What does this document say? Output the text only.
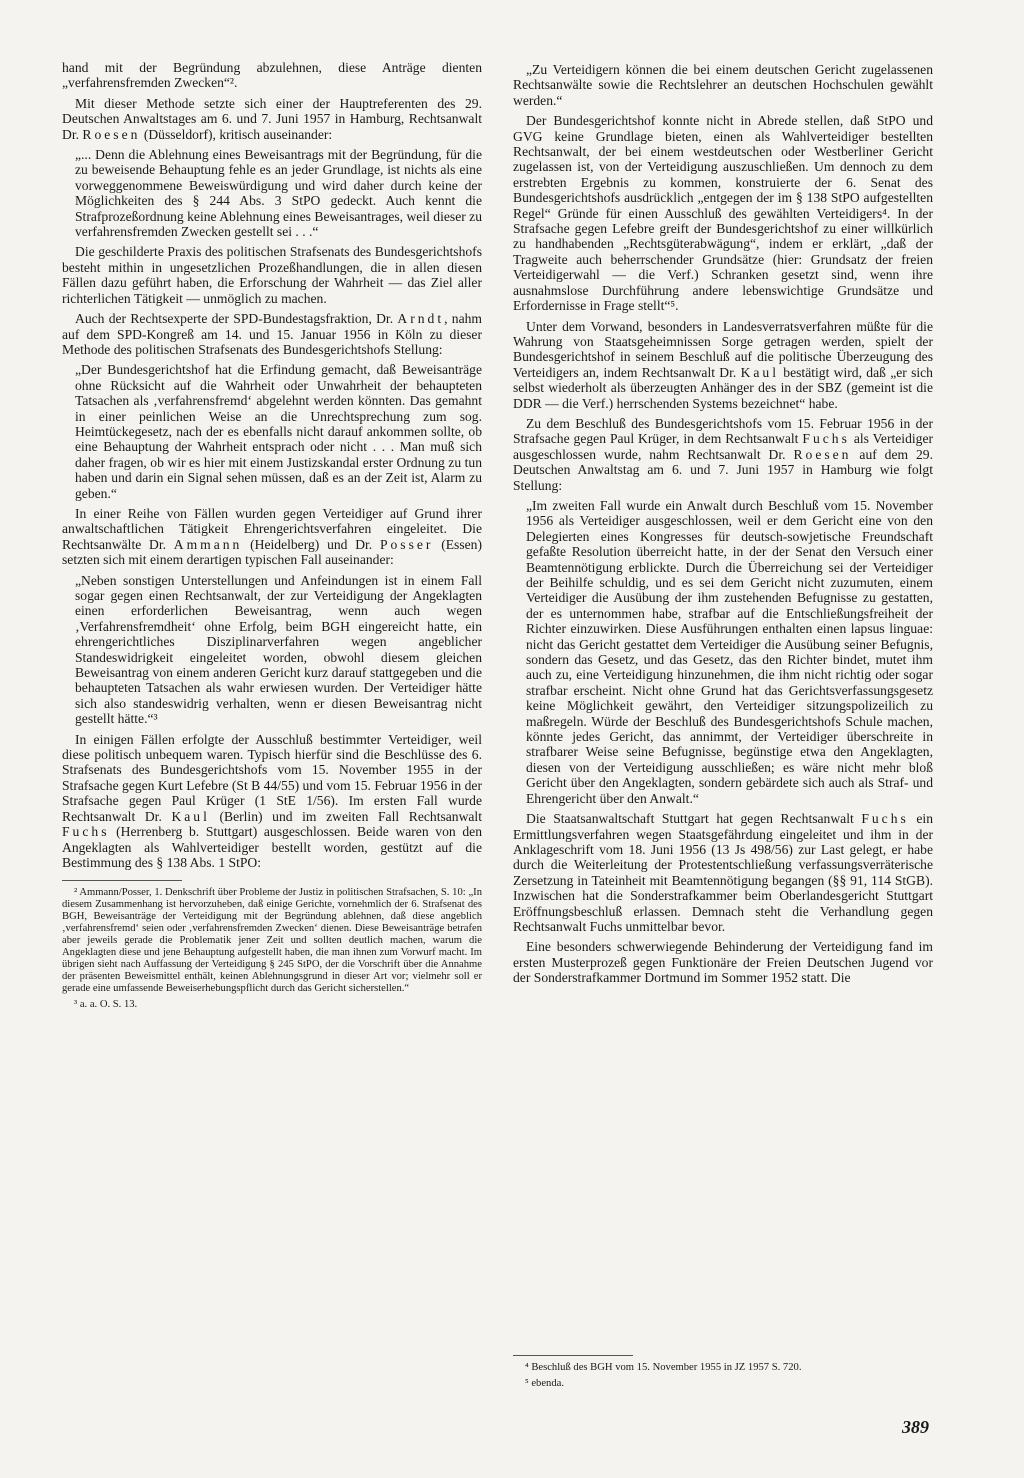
hand mit der Begründung abzulehnen, diese Anträge dienten „verfahrensfremden Zwecken“².

Mit dieser Methode setzte sich einer der Hauptreferenten des 29. Deutschen Anwaltstages am 6. und 7. Juni 1957 in Hamburg, Rechtsanwalt Dr. Roesen (Düsseldorf), kritisch auseinander:

„... Denn die Ablehnung eines Beweisantrags mit der Begründung, für die zu beweisende Behauptung fehle es an jeder Grundlage, ist nichts als eine vorweggenommene Beweiswürdigung und wird daher durch keine der Möglichkeiten des § 244 Abs. 3 StPO gedeckt. Auch kennt die Strafprozeßordnung keine Ablehnung eines Beweisantrages, weil dieser zu verfahrensfremden Zwecken gestellt sei . . .“

Die geschilderte Praxis des politischen Strafsenats des Bundesgerichtshofs besteht mithin in ungesetzlichen Prozeßhandlungen, die in allen diesen Fällen dazu geführt haben, die Erforschung der Wahrheit — das Ziel aller richterlichen Tätigkeit — unmöglich zu machen.

Auch der Rechtsexperte der SPD-Bundestagsfraktion, Dr. Arndt, nahm auf dem SPD-Kongreß am 14. und 15. Januar 1956 in Köln zu dieser Methode des politischen Strafsenats des Bundesgerichtshofs Stellung:

„Der Bundesgerichtshof hat die Erfindung gemacht, daß Beweisanträge ohne Rücksicht auf die Wahrheit oder Unwahrheit der behaupteten Tatsachen als ‚verfahrensfremd‘ abgelehnt werden könnten. Das gemahnt in einer peinlichen Weise an die Unrechtsprechung zum sog. Heimtückegesetz, nach der es ebenfalls nicht darauf ankommen sollte, ob eine Behauptung der Wahrheit entsprach oder nicht . . . Man muß sich daher fragen, ob wir es hier mit einem Justizskandal erster Ordnung zu tun haben und darin ein Signal sehen müssen, daß es an der Zeit ist, Alarm zu geben.“

In einer Reihe von Fällen wurden gegen Verteidiger auf Grund ihrer anwaltschaftlichen Tätigkeit Ehrengerichtsverfahren eingeleitet. Die Rechtsanwälte Dr. Ammann (Heidelberg) und Dr. Posser (Essen) setzten sich mit einem derartigen typischen Fall auseinander:

„Neben sonstigen Unterstellungen und Anfeindungen ist in einem Fall sogar gegen einen Rechtsanwalt, der zur Verteidigung der Angeklagten einen erforderlichen Beweisantrag, wenn auch wegen ‚Verfahrensfremdheit‘ ohne Erfolg, beim BGH eingereicht hatte, ein ehrengerichtliches Disziplinarverfahren wegen angeblicher Standeswidrigkeit eingeleitet worden, obwohl diesem gleichen Beweisantrag von einem anderen Gericht kurz darauf stattgegeben und die behaupteten Tatsachen als wahr erwiesen wurden. Der Verteidiger hätte sich also standeswidrig verhalten, wenn er diesen Beweisantrag nicht gestellt hätte.“³

In einigen Fällen erfolgte der Ausschluß bestimmter Verteidiger, weil diese politisch unbequem waren. Typisch hierfür sind die Beschlüsse des 6. Strafsenats des Bundesgerichtshofs vom 15. November 1955 in der Strafsache gegen Kurt Lefebre (St B 44/55) und vom 15. Februar 1956 in der Strafsache gegen Paul Krüger (1 StE 1/56). Im ersten Fall wurde Rechtsanwalt Dr. Kaul (Berlin) und im zweiten Fall Rechtsanwalt Fuchs (Herrenberg b. Stuttgart) ausgeschlossen. Beide waren von den Angeklagten als Wahlverteidiger bestellt worden, gestützt auf die Bestimmung des § 138 Abs. 1 StPO:

² Ammann/Posser, 1. Denkschrift über Probleme der Justiz in politischen Strafsachen, S. 10: „In diesem Zusammenhang ist hervorzuheben, daß einige Gerichte, vornehmlich der 6. Strafsenat des BGH, Beweisanträge der Verteidigung mit der Begründung ablehnen, daß diese angeblich ‚verfahrensfremd‘ seien oder ‚verfahrensfremden Zwecken‘ dienen. Diese Beweisanträge betrafen aber jeweils gerade die Problematik jener Zeit und sollten deutlich machen, warum die Angeklagten diese und jene Behauptung aufgestellt haben, die man ihnen zum Vorwurf macht. Im übrigen sieht nach Auffassung der Verteidigung § 245 StPO, der die Vorschrift über die Annahme der präsenten Beweismittel enthält, keinen Ablehnungsgrund in dieser Art vor; vielmehr soll er gerade eine umfassende Beweiserhebungspflicht durch das Gericht sicherstellen.“

³ a. a. O. S. 13.

„Zu Verteidigern können die bei einem deutschen Gericht zugelassenen Rechtsanwälte sowie die Rechtslehrer an deutschen Hochschulen gewählt werden.“

Der Bundesgerichtshof konnte nicht in Abrede stellen, daß StPO und GVG keine Grundlage bieten, einen als Wahlverteidiger bestellten Rechtsanwalt, der bei einem westdeutschen oder Westberliner Gericht zugelassen ist, von der Verteidigung auszuschließen. Um dennoch zu dem erstrebten Ergebnis zu kommen, konstruierte der 6. Senat des Bundesgerichtshofs ausdrücklich „entgegen der im § 138 StPO aufgestellten Regel“ Gründe für einen Ausschluß des gewählten Verteidigers⁴. In der Strafsache gegen Lefebre greift der Bundesgerichtshof zu einer willkürlich zu handhabenden „Rechtsgüterabwägung“, indem er erklärt, „daß der Tragweite auch beherrschender Grundsätze (hier: Grundsatz der freien Verteidigerwahl — die Verf.) Schranken gesetzt sind, wenn ihre ausnahmslose Durchführung andere lebenswichtige Grundsätze und Erfordernisse in Frage stellt“⁵.

Unter dem Vorwand, besonders in Landesverratsverfahren müßte für die Wahrung von Staatsgeheimnissen Sorge getragen werden, spielt der Bundesgerichtshof in seinem Beschluß auf die politische Überzeugung des Verteidigers an, indem Rechtsanwalt Dr. Kaul bestätigt wird, daß „er sich selbst wiederholt als überzeugten Anhänger des in der SBZ (gemeint ist die DDR — die Verf.) herrschenden Systems bezeichnet“ habe.

Zu dem Beschluß des Bundesgerichtshofs vom 15. Februar 1956 in der Strafsache gegen Paul Krüger, in dem Rechtsanwalt Fuchs als Verteidiger ausgeschlossen wurde, nahm Rechtsanwalt Dr. Roesen auf dem 29. Deutschen Anwaltstag am 6. und 7. Juni 1957 in Hamburg wie folgt Stellung:

„Im zweiten Fall wurde ein Anwalt durch Beschluß vom 15. November 1956 als Verteidiger ausgeschlossen, weil er dem Gericht eine von den Delegierten eines Kongresses für deutsch-sowjetische Freundschaft gefaßte Resolution überreicht hatte, in der der Senat den Versuch einer Beamtennötigung erblickte. Durch die Überreichung sei der Verteidiger der Beihilfe schuldig, und es sei dem Gericht nicht zuzumuten, einem Verteidiger die Ausübung der ihm zustehenden Befugnisse zu gestatten, der es unternommen habe, strafbar auf die Entschließungsfreiheit der Richter einzuwirken. Diese Ausführungen enthalten einen lapsus linguae: nicht das Gericht gestattet dem Verteidiger die Ausübung seiner Befugnis, sondern das Gesetz, und das Gesetz, das den Richter bindet, mutet ihm auch zu, eine Verteidigung hinzunehmen, die ihm nicht richtig oder sogar strafbar erscheint. Nicht ohne Grund hat das Gerichtsverfassungsgesetz keine Möglichkeit gewährt, den Verteidiger sitzungspolizeilich zu maßregeln. Würde der Beschluß des Bundesgerichtshofs Schule machen, könnte jedes Gericht, das annimmt, der Verteidiger überschreite in strafbarer Weise seine Befugnisse, begünstige etwa den Angeklagten, diesen von der Verteidigung ausschließen; es wäre nicht mehr bloß Gericht über den Angeklagten, sondern gebärdete sich auch als Straf- und Ehrengericht über den Anwalt.“

Die Staatsanwaltschaft Stuttgart hat gegen Rechtsanwalt Fuchs ein Ermittlungsverfahren wegen Staatsgefährdung eingeleitet und ihm in der Anklageschrift vom 18. Juni 1956 (13 Js 498/56) zur Last gelegt, er habe durch die Weiterleitung der Protestentschließung verfassungsverräterische Zersetzung in Tateinheit mit Beamtennötigung begangen (§§ 91, 114 StGB). Inzwischen hat die Sonderstrafkammer beim Oberlandesgericht Stuttgart Eröffnungsbeschluß erlassen. Demnach steht die Verhandlung gegen Rechtsanwalt Fuchs unmittelbar bevor.

Eine besonders schwerwiegende Behinderung der Verteidigung fand im ersten Musterprozeß gegen Funktionäre der Freien Deutschen Jugend vor der Sonderstrafkammer Dortmund im Sommer 1952 statt. Die

⁴ Beschluß des BGH vom 15. November 1955 in JZ 1957 S. 720.

⁵ ebenda.

389
